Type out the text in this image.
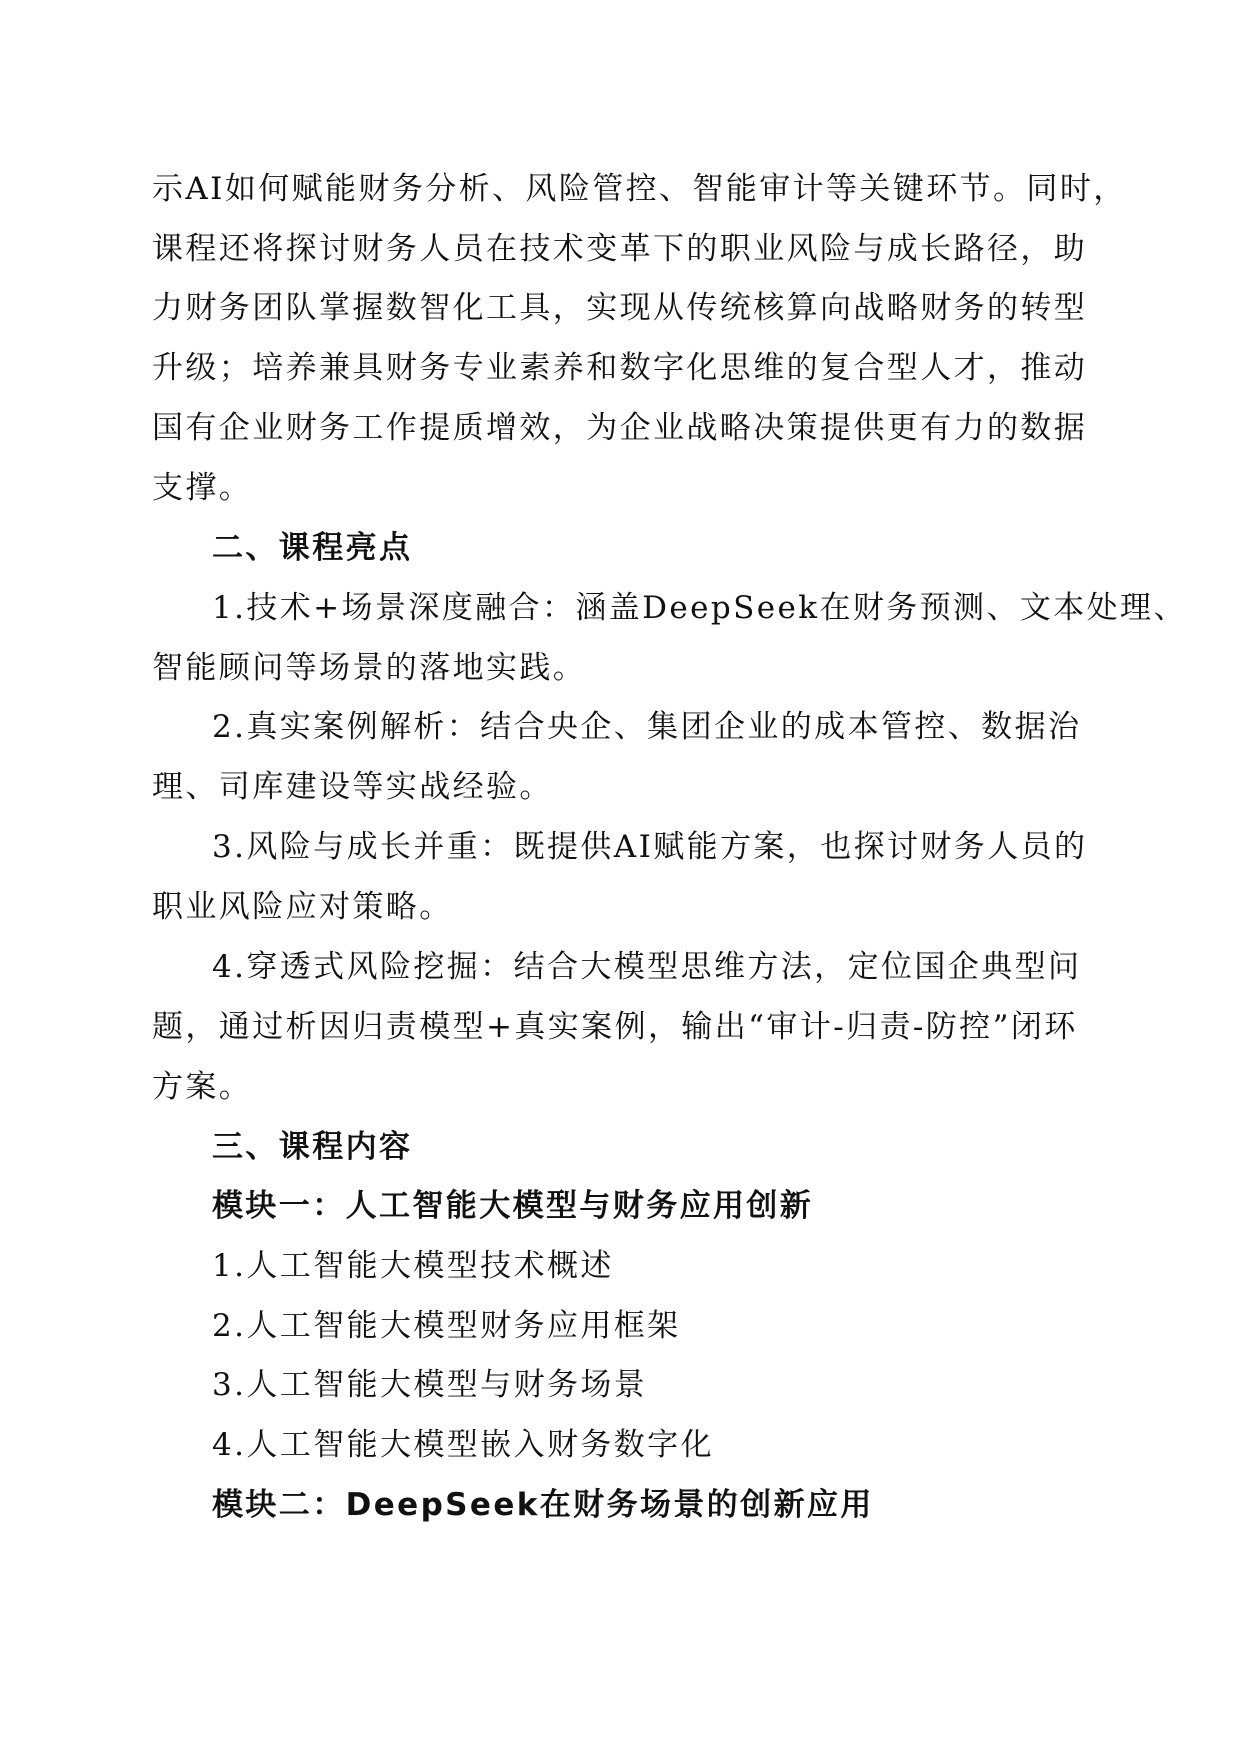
示AI如何赋能财务分析、风险管控、智能审计等关键环节。同时，
课程还将探讨财务人员在技术变革下的职业风险与成长路径，助
力财务团队掌握数智化工具，实现从传统核算向战略财务的转型
升级；培养兼具财务专业素养和数字化思维的复合型人才，推动
国有企业财务工作提质增效，为企业战略决策提供更有力的数据
支撑。
二、课程亮点
1.技术+场景深度融合：涵盖DeepSeek在财务预测、文本处理、
智能顾问等场景的落地实践。
2.真实案例解析：结合央企、集团企业的成本管控、数据治
理、司库建设等实战经验。
3.风险与成长并重：既提供AI赋能方案，也探讨财务人员的
职业风险应对策略。
4.穿透式风险挖掘：结合大模型思维方法，定位国企典型问
题，通过析因归责模型+真实案例，输出“审计-归责-防控”闭环
方案。
三、课程内容
模块一：人工智能大模型与财务应用创新
1.人工智能大模型技术概述
2.人工智能大模型财务应用框架
3.人工智能大模型与财务场景
4.人工智能大模型嵌入财务数字化
模块二：DeepSeek在财务场景的创新应用
